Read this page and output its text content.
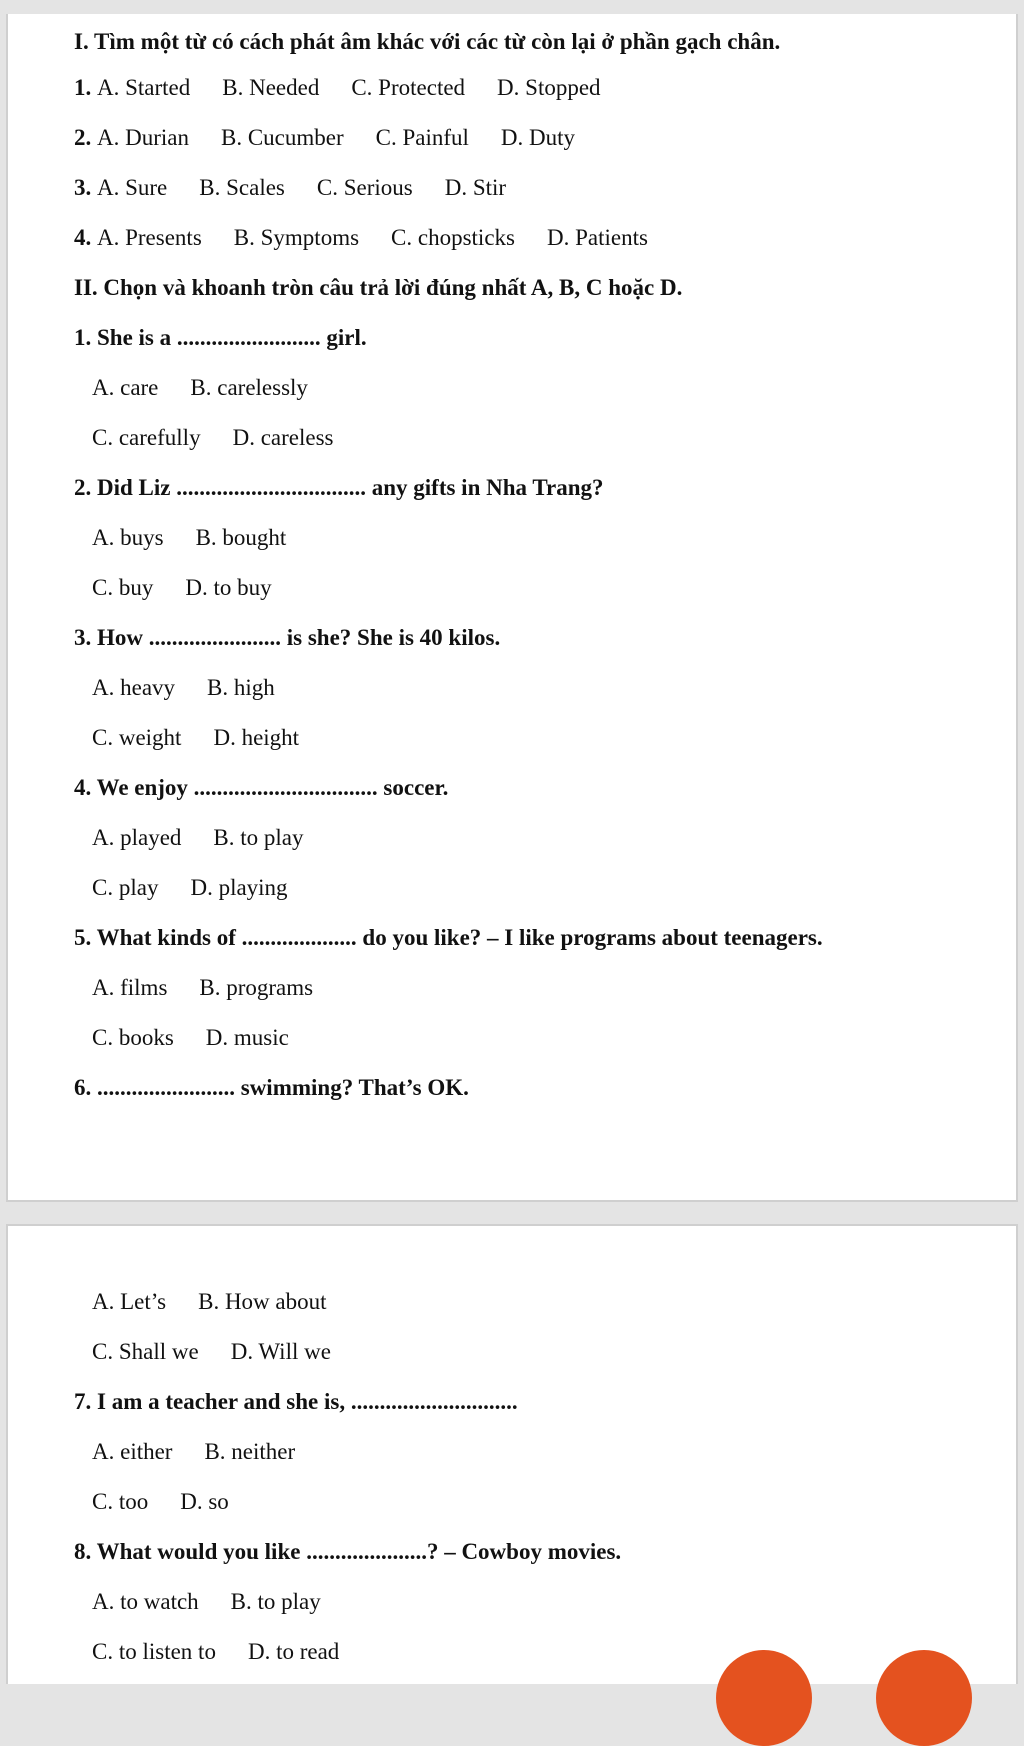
I. Tìm một từ có cách phát âm khác với các từ còn lại ở phần gạch chân.
1. A. Started B. Needed C. Protected D. Stopped
2. A. Durian B. Cucumber C. Painful D. Duty
3. A. Sure B. Scales C. Serious D. Stir
4. A. Presents B. Symptoms C. chopsticks D. Patients
II. Chọn và khoanh tròn câu trả lời đúng nhất A, B, C hoặc D.
1. She is a ......................... girl.
A. care B. carelessly
C. carefully D. careless
2. Did Liz ................................. any gifts in Nha Trang?
A. buys B. bought
C. buy D. to buy
3. How ....................... is she? She is 40 kilos.
A. heavy B. high
C. weight D. height
4. We enjoy ................................ soccer.
A. played B. to play
C. play D. playing
5. What kinds of .................... do you like? – I like programs about teenagers.
A. films B. programs
C. books D. music
6. ........................ swimming? That’s OK.
A. Let’s B. How about
C. Shall we D. Will we
7. I am a teacher and she is, .............................
A. either B. neither
C. too D. so
8. What would you like .....................? – Cowboy movies.
A. to watch B. to play
C. to listen to D. to read
